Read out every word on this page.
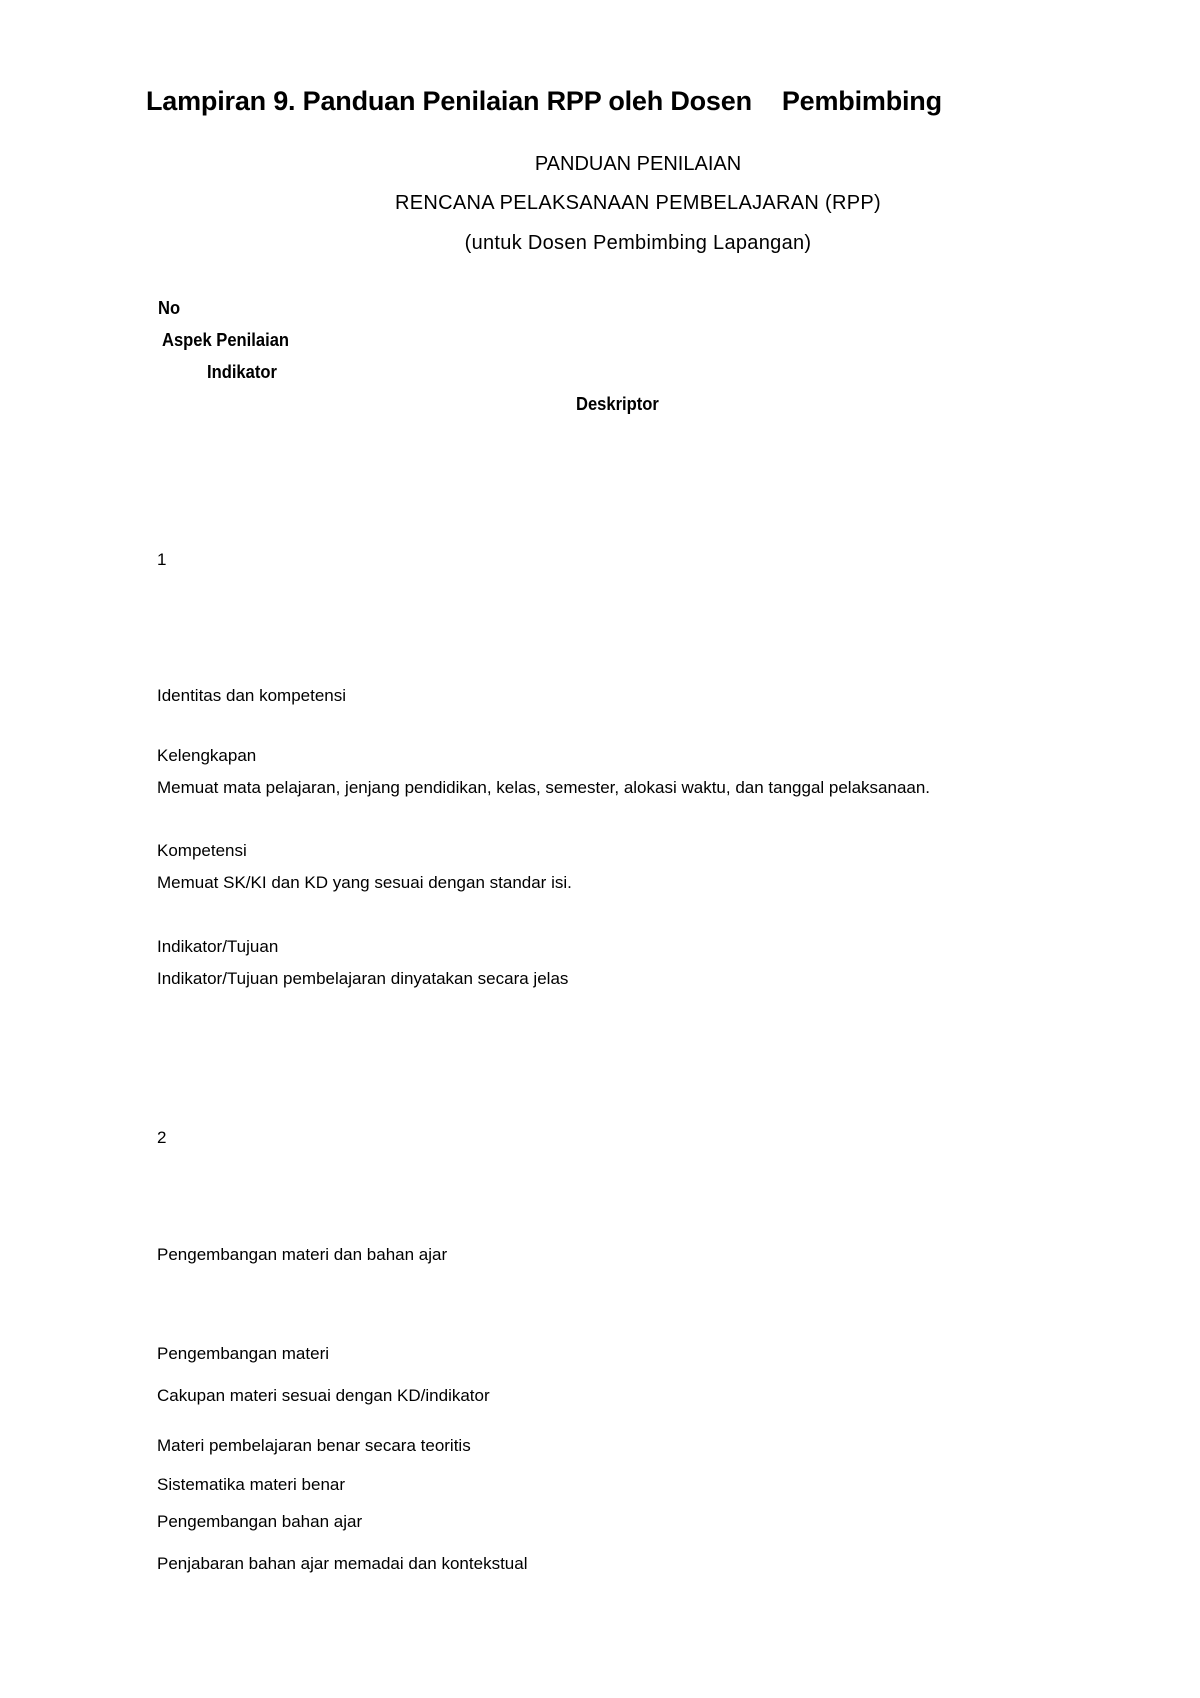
Lampiran 9. Panduan Penilaian RPP oleh Dosen Pembimbing
PANDUAN PENILAIAN
RENCANA PELAKSANAAN PEMBELAJARAN (RPP)
(untuk Dosen Pembimbing Lapangan)
No
Aspek Penilaian
Indikator
Deskriptor
1
Identitas dan kompetensi
Kelengkapan
Memuat mata pelajaran, jenjang pendidikan, kelas, semester, alokasi waktu, dan tanggal pelaksanaan.
Kompetensi
Memuat SK/KI dan KD yang sesuai dengan standar isi.
Indikator/Tujuan
Indikator/Tujuan pembelajaran dinyatakan secara jelas
2
Pengembangan materi dan bahan ajar
Pengembangan materi
Cakupan materi sesuai dengan KD/indikator
Materi pembelajaran benar secara teoritis
Sistematika materi benar
Pengembangan bahan ajar
Penjabaran bahan ajar memadai dan kontekstual
